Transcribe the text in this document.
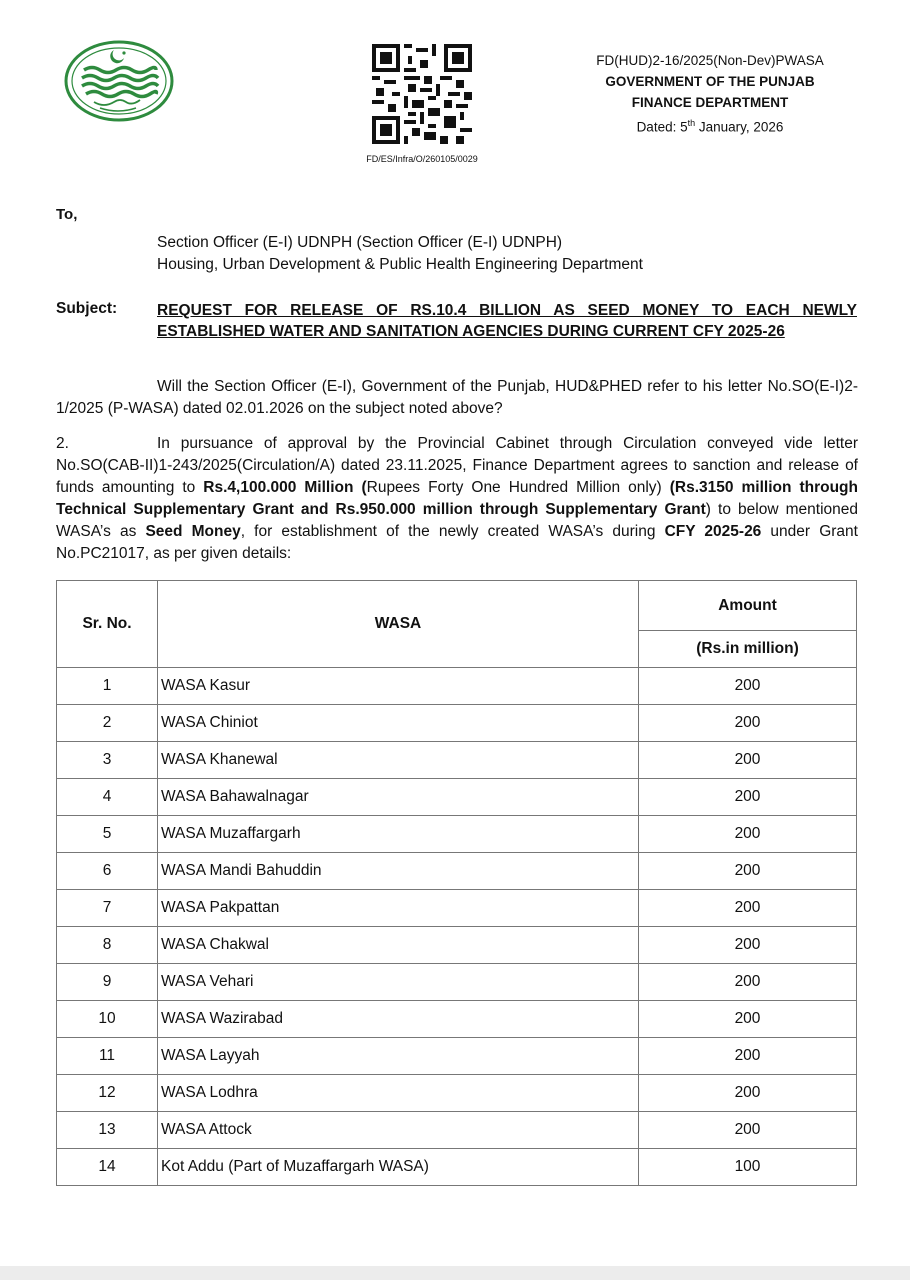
FD/ES/Infra/O/260105/0029
FD(HUD)2-16/2025(Non-Dev)PWASA
GOVERNMENT OF THE PUNJAB
FINANCE DEPARTMENT
Dated: 5th January, 2026
To,
Section Officer (E-I) UDNPH (Section Officer (E-I) UDNPH)
Housing, Urban Development & Public Health Engineering Department
Subject:	REQUEST FOR RELEASE OF RS.10.4 BILLION AS SEED MONEY TO EACH NEWLY ESTABLISHED WATER AND SANITATION AGENCIES DURING CURRENT CFY 2025-26
Will the Section Officer (E-I), Government of the Punjab, HUD&PHED refer to his letter No.SO(E-I)2-1/2025 (P-WASA) dated 02.01.2026 on the subject noted above?
2.	In pursuance of approval by the Provincial Cabinet through Circulation conveyed vide letter No.SO(CAB-II)1-243/2025(Circulation/A) dated 23.11.2025, Finance Department agrees to sanction and release of funds amounting to Rs.4,100.000 Million (Rupees Forty One Hundred Million only) (Rs.3150 million through Technical Supplementary Grant and Rs.950.000 million through Supplementary Grant) to below mentioned WASA’s as Seed Money, for establishment of the newly created WASA’s during CFY 2025-26 under Grant No.PC21017, as per given details:
Sr. No.	WASA	Amount
		(Rs.in million)
1	WASA Kasur	200
2	WASA Chiniot	200
3	WASA Khanewal	200
4	WASA Bahawalnagar	200
5	WASA Muzaffargarh	200
6	WASA Mandi Bahuddin	200
7	WASA Pakpattan	200
8	WASA Chakwal	200
9	WASA Vehari	200
10	WASA Wazirabad	200
11	WASA Layyah	200
12	WASA Lodhra	200
13	WASA Attock	200
14	Kot Addu (Part of Muzaffargarh WASA)	100
